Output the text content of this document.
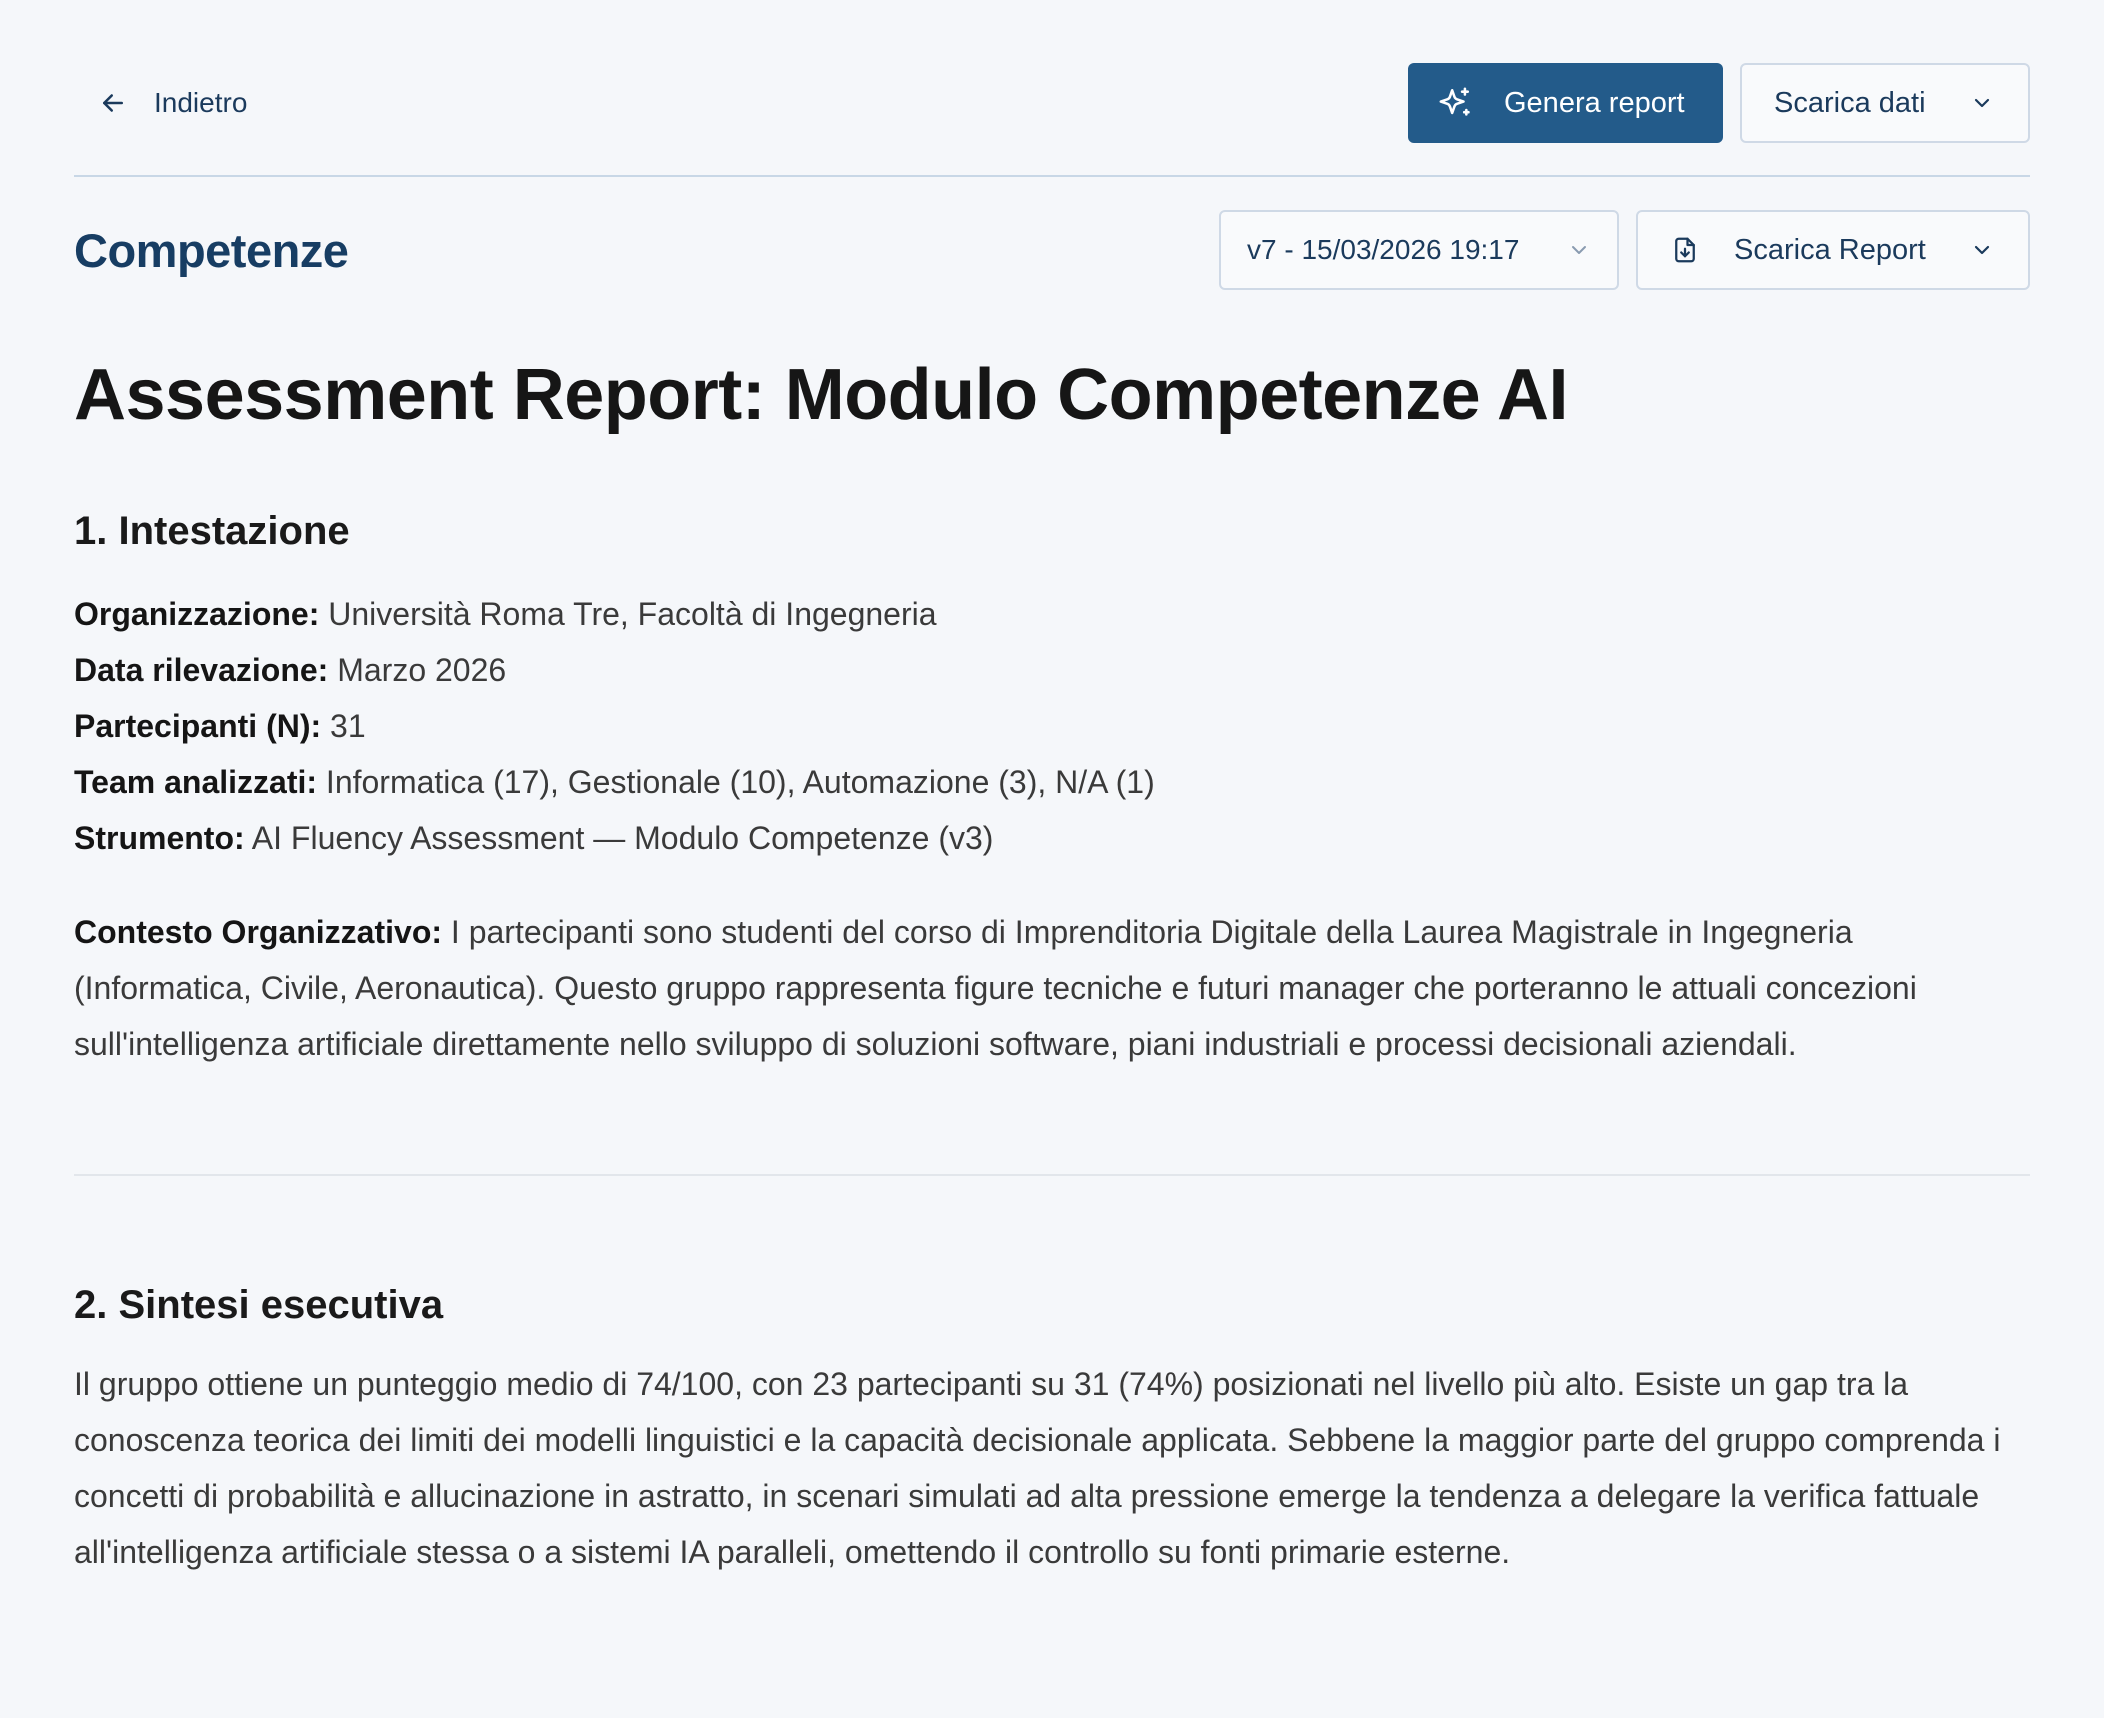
Indietro	Genera report	Scarica dati
Competenze	v7 - 15/03/2026 19:17	Scarica Report
Assessment Report: Modulo Competenze AI
1. Intestazione
Organizzazione: Università Roma Tre, Facoltà di Ingegneria
Data rilevazione: Marzo 2026
Partecipanti (N): 31
Team analizzati: Informatica (17), Gestionale (10), Automazione (3), N/A (1)
Strumento: AI Fluency Assessment — Modulo Competenze (v3)

Contesto Organizzativo: I partecipanti sono studenti del corso di Imprenditoria Digitale della Laurea Magistrale in Ingegneria (Informatica, Civile, Aeronautica). Questo gruppo rappresenta figure tecniche e futuri manager che porteranno le attuali concezioni sull'intelligenza artificiale direttamente nello sviluppo di soluzioni software, piani industriali e processi decisionali aziendali.

2. Sintesi esecutiva

Il gruppo ottiene un punteggio medio di 74/100, con 23 partecipanti su 31 (74%) posizionati nel livello più alto. Esiste un gap tra la conoscenza teorica dei limiti dei modelli linguistici e la capacità decisionale applicata. Sebbene la maggior parte del gruppo comprenda i concetti di probabilità e allucinazione in astratto, in scenari simulati ad alta pressione emerge la tendenza a delegare la verifica fattuale all'intelligenza artificiale stessa o a sistemi IA paralleli, omettendo il controllo su fonti primarie esterne.
